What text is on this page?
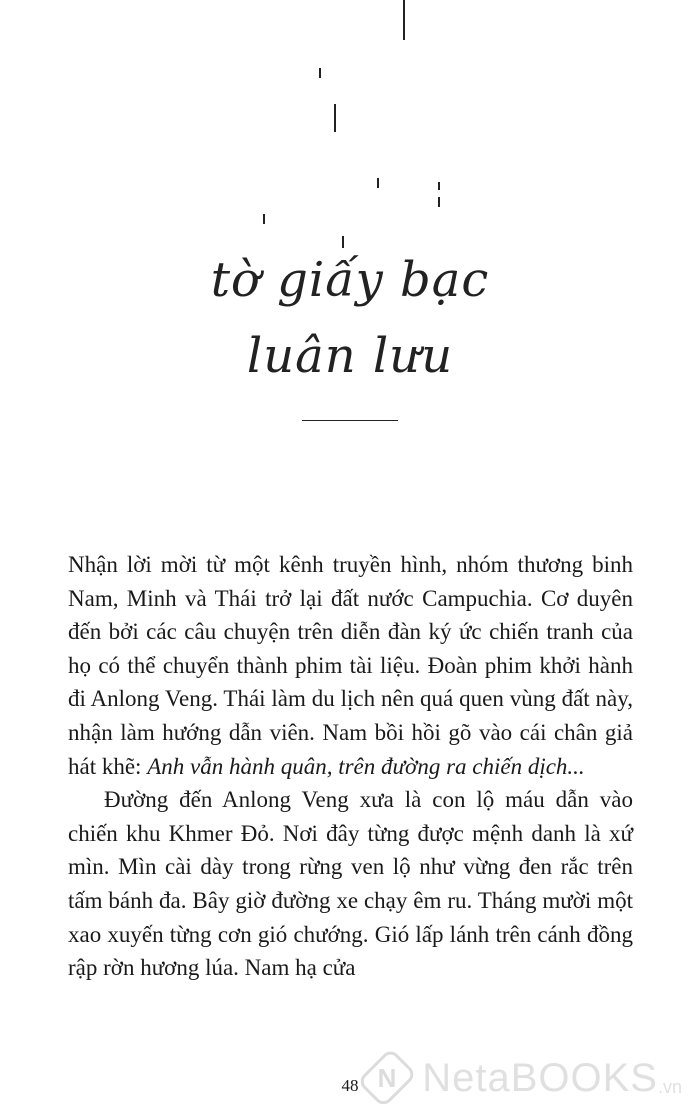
tờ giấy bạc
luân lưu

Nhận lời mời từ một kênh truyền hình, nhóm thương binh Nam, Minh và Thái trở lại đất nước Campuchia. Cơ duyên đến bởi các câu chuyện trên diễn đàn ký ức chiến tranh của họ có thể chuyển thành phim tài liệu. Đoàn phim khởi hành đi Anlong Veng. Thái làm du lịch nên quá quen vùng đất này, nhận làm hướng dẫn viên. Nam bồi hồi gõ vào cái chân giả hát khẽ: Anh vẫn hành quân, trên đường ra chiến dịch...

Đường đến Anlong Veng xưa là con lộ máu dẫn vào chiến khu Khmer Đỏ. Nơi đây từng được mệnh danh là xứ mìn. Mìn cài dày trong rừng ven lộ như vừng đen rắc trên tấm bánh đa. Bây giờ đường xe chạy êm ru. Tháng mười một xao xuyến từng cơn gió chướng. Gió lấp lánh trên cánh đồng rập rờn hương lúa. Nam hạ cửa

N NetaBOOKS .vn
48
